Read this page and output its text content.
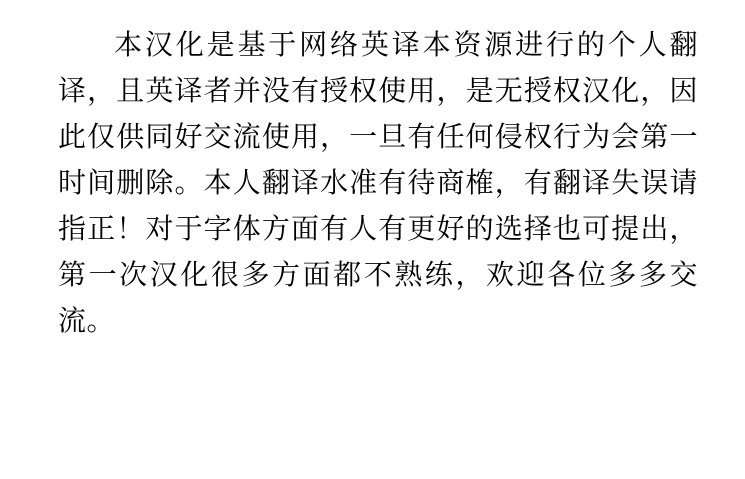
本汉化是基于网络英译本资源进行的个人翻译，且英译者并没有授权使用，是无授权汉化，因此仅供同好交流使用，一旦有任何侵权行为会第一时间删除。本人翻译水准有待商榷，有翻译失误请指正！对于字体方面有人有更好的选择也可提出，第一次汉化很多方面都不熟练，欢迎各位多多交流。
